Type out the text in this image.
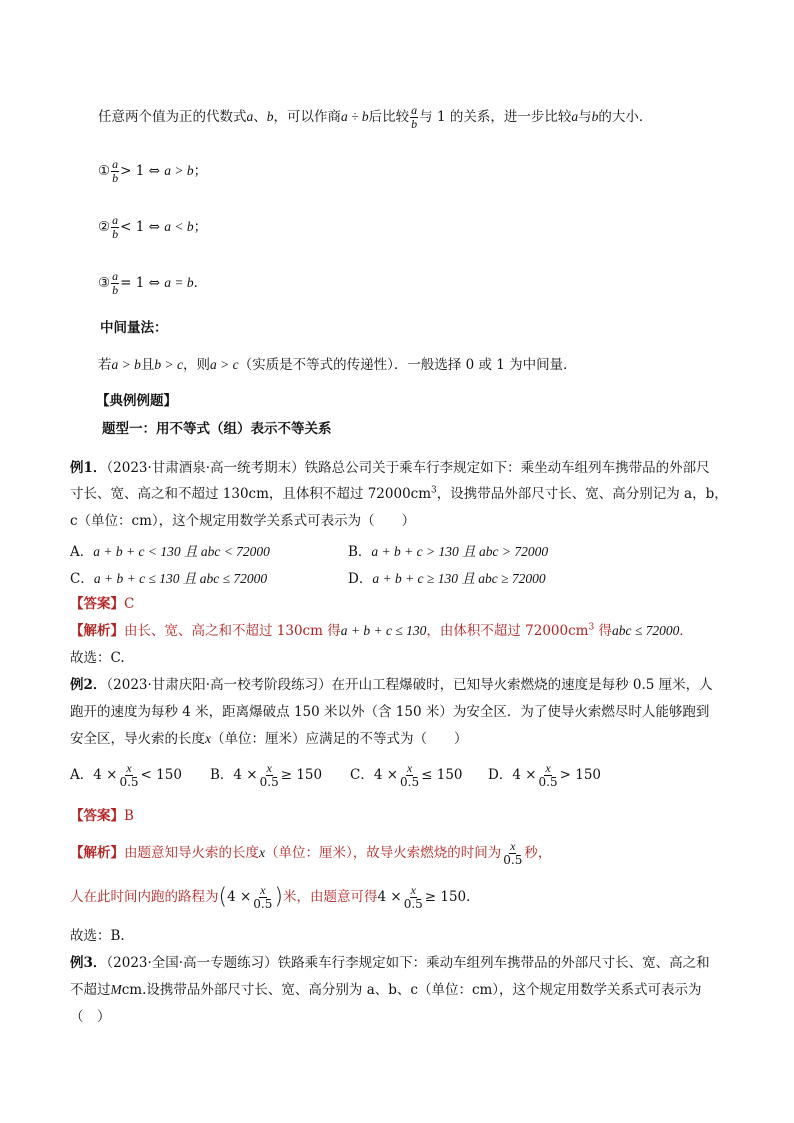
任意两个值为正的代数式a、b，可以作商a ÷ b后比较 $\frac{a}{b}$ 与 1 的关系，进一步比较a与b的大小．
① $\frac{a}{b} > 1$ ⇔ a > b；
② $\frac{a}{b} < 1$ ⇔ a < b；
③ $\frac{a}{b} = 1$ ⇔ a = b．
中间量法：
若a > b且b > c，则a > c（实质是不等式的传递性）．一般选择 0 或 1 为中间量．
【典例例题】
题型一：用不等式（组）表示不等关系
例1．（2023·甘肃酒泉·高一统考期末）铁路总公司关于乘车行李规定如下：乘坐动车组列车携带品的外部尺
寸长、宽、高之和不超过 130cm，且体积不超过 $72000cm^3$，设携带品外部尺寸长、宽、高分别记为 a，b，
c（单位：cm），这个规定用数学关系式可表示为（　　）
A．a + b + c < 130 且 abc < 72000	B．a + b + c > 130 且 abc > 72000
C．a + b + c ≤ 130 且 abc ≤ 72000	D．a + b + c ≥ 130 且 abc ≥ 72000
【答案】C
【解析】由长、宽、高之和不超过 130cm 得a + b + c ≤ 130，由体积不超过 $72000cm^3$ 得abc ≤ 72000．
故选：C.
例2．（2023·甘肃庆阳·高一校考阶段练习）在开山工程爆破时，已知导火索燃烧的速度是每秒 0.5 厘米，人
跑开的速度为每秒 4 米，距离爆破点 150 米以外（含 150 米）为安全区．为了使导火索燃尽时人能够跑到
安全区，导火索的长度x（单位：厘米）应满足的不等式为（　　）
A．$4 \times \frac{x}{0.5} < 150$ B．$4 \times \frac{x}{0.5} \ge 150$ C．$4 \times \frac{x}{0.5} \le 150$ D．$4 \times \frac{x}{0.5} > 150$
【答案】B
【解析】由题意知导火索的长度x（单位：厘米），故导火索燃烧的时间为 $\frac{x}{0.5}$ 秒，
人在此时间内跑的路程为($4 \times \frac{x}{0.5}$ )米，由题意可得$4 \times \frac{x}{0.5} \ge 150$．
故选：B.
例3．（2023·全国·高一专题练习）铁路乘车行李规定如下：乘动车组列车携带品的外部尺寸长、宽、高之和
不超过Mcm.设携带品外部尺寸长、宽、高分别为 a、b、c（单位：cm），这个规定用数学关系式可表示为
（　）
